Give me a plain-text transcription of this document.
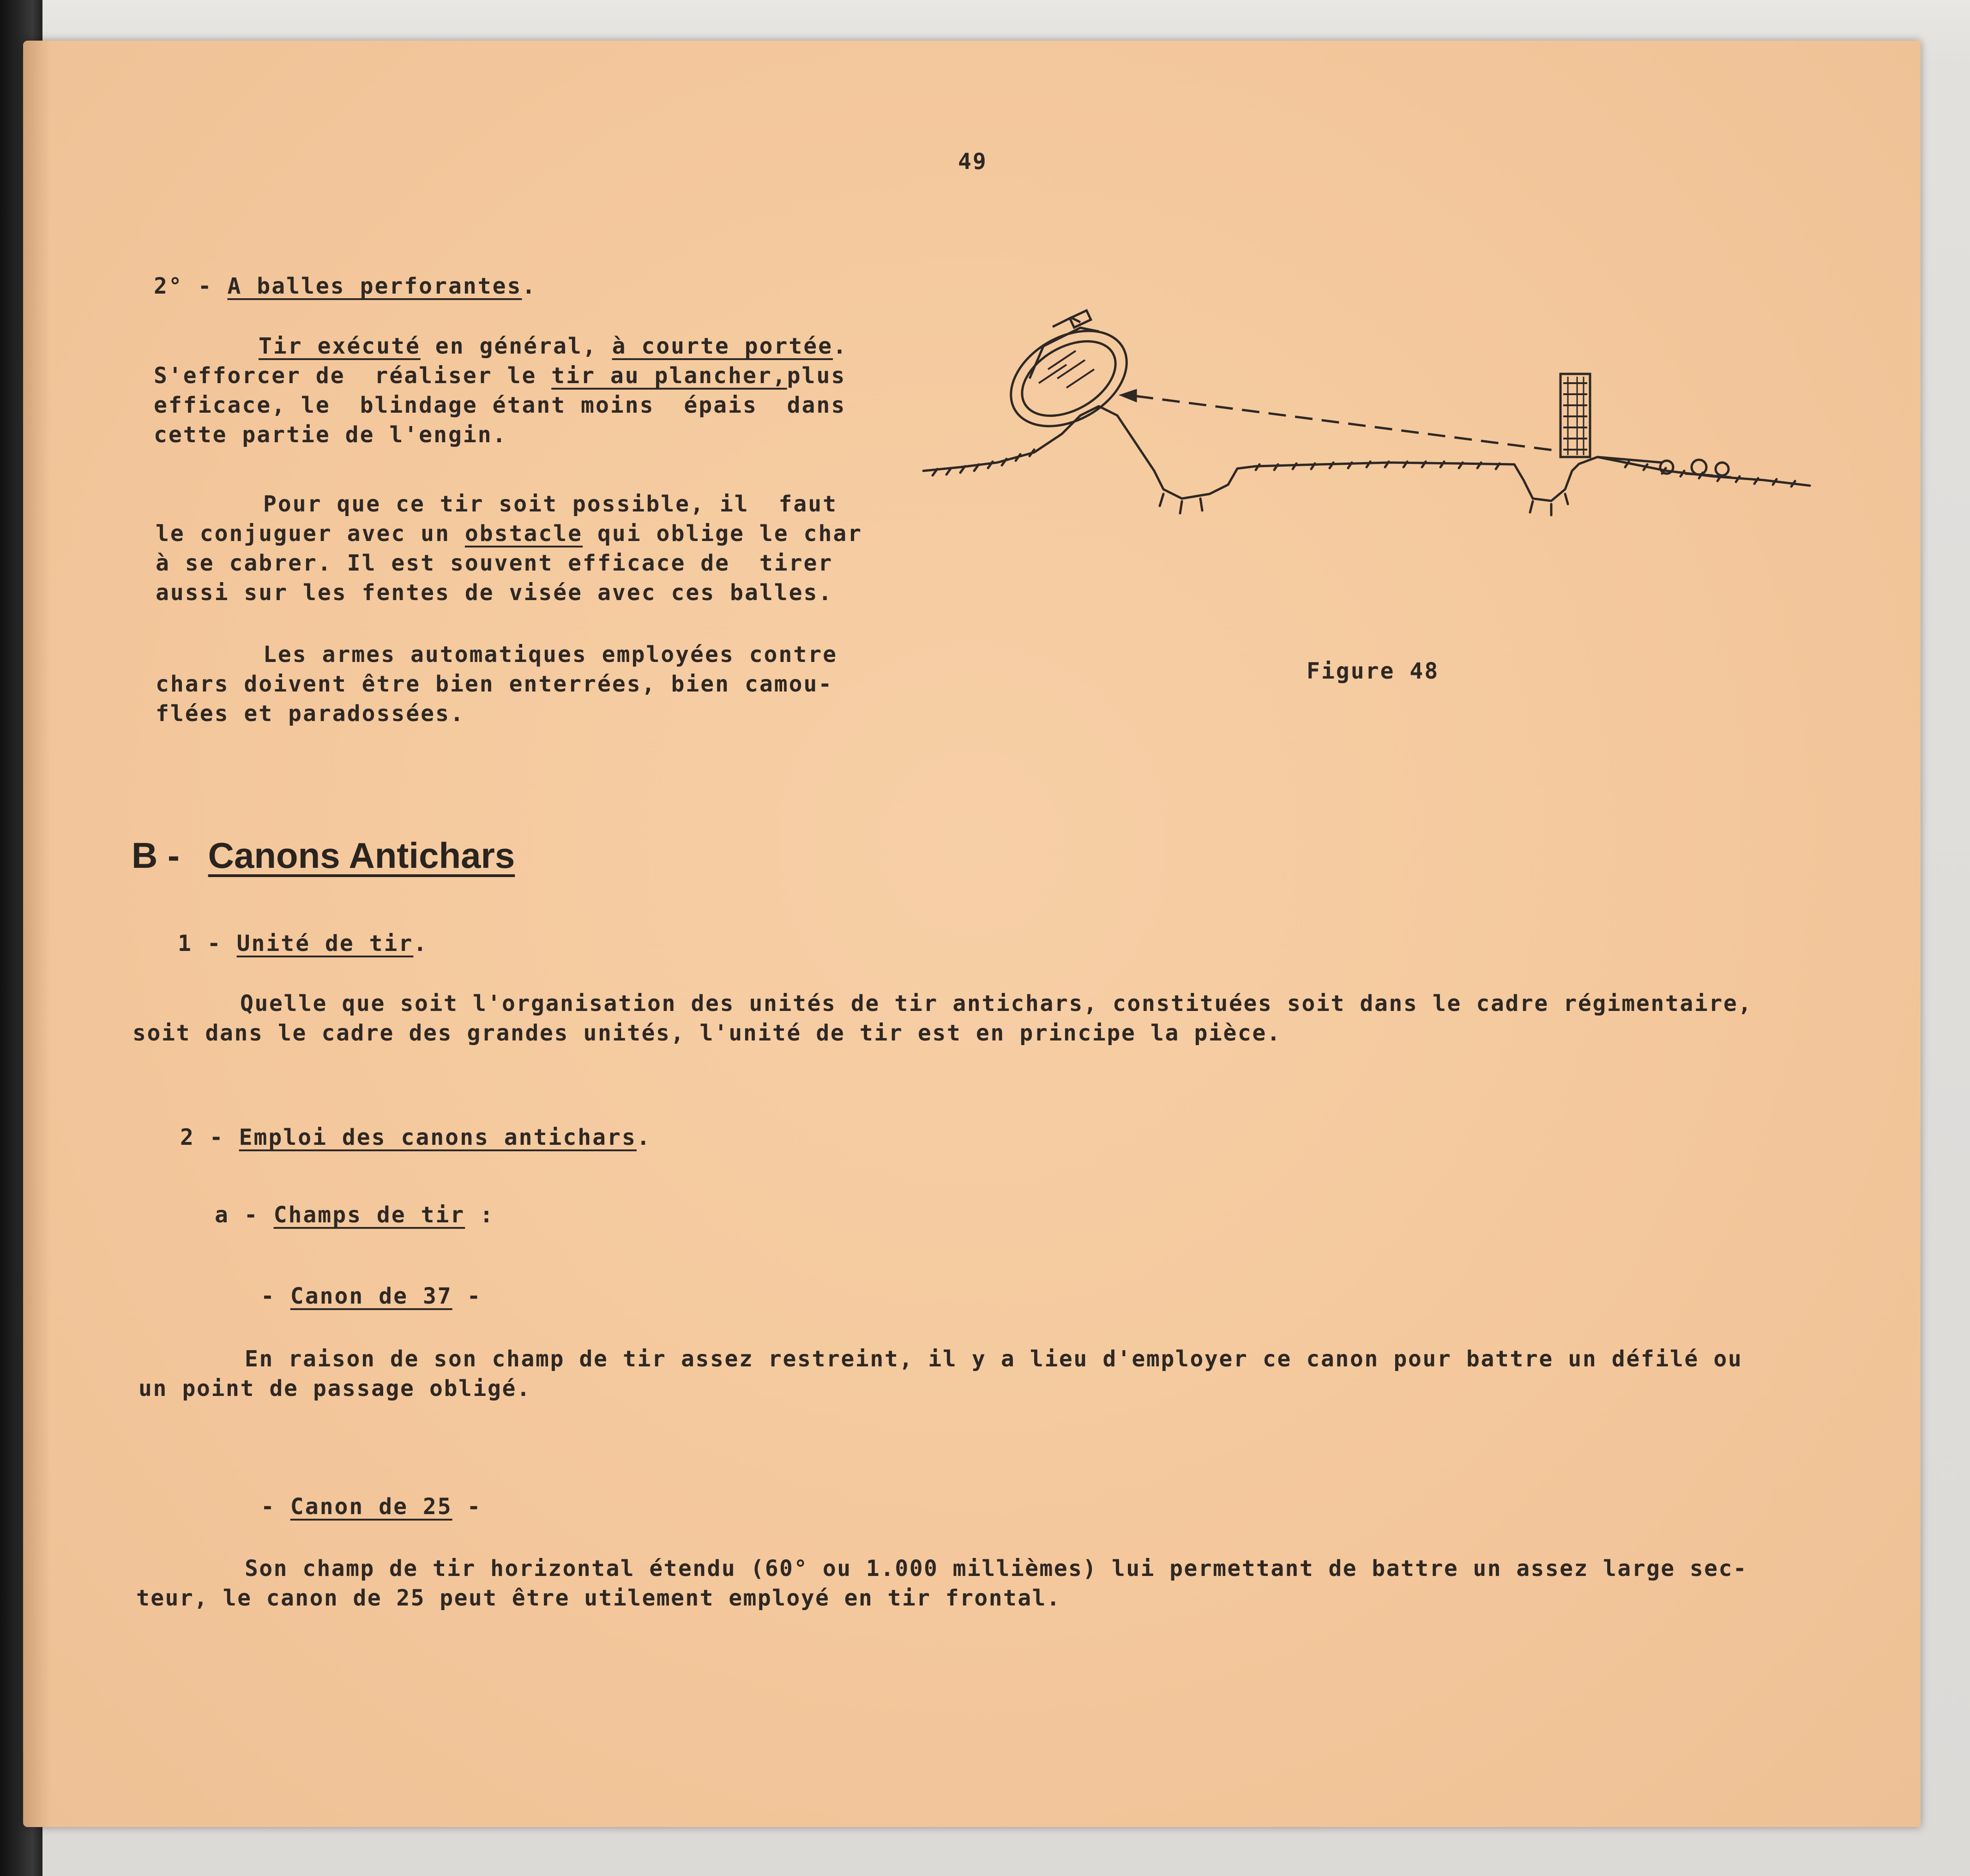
49

2° - A balles perforantes.

Tir exécuté en général, à courte portée.

S'efforcer de  réaliser le tir au plancher,plus

efficace, le  blindage étant moins  épais  dans

cette partie de l'engin.

Pour que ce tir soit possible, il  faut

le conjuguer avec un obstacle qui oblige le char

à se cabrer. Il est souvent efficace de  tirer

aussi sur les fentes de visée avec ces balles.

Les armes automatiques employées contre

chars doivent être bien enterrées, bien camou-

flées et paradossées.

Figure 48

B - Canons Antichars

1 - Unité de tir.

Quelle que soit l'organisation des unités de tir antichars, constituées soit dans le cadre régimentaire,

soit dans le cadre des grandes unités, l'unité de tir est en principe la pièce.

2 - Emploi des canons antichars.

a - Champs de tir :

- Canon de 37 -

En raison de son champ de tir assez restreint, il y a lieu d'employer ce canon pour battre un défilé ou

un point de passage obligé.

- Canon de 25 -

Son champ de tir horizontal étendu (60° ou 1.000 millièmes) lui permettant de battre un assez large sec-

teur, le canon de 25 peut être utilement employé en tir frontal.
